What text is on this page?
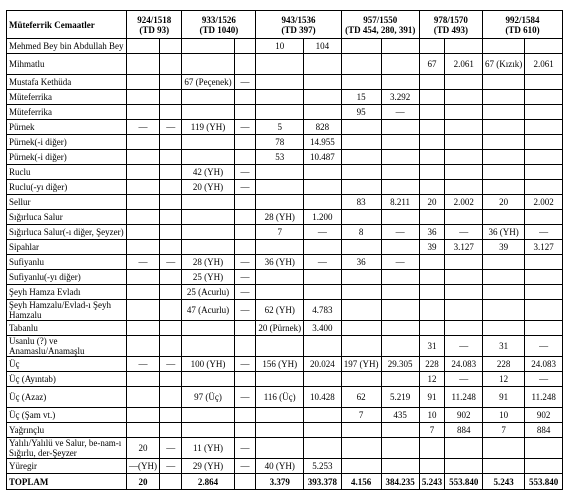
Müteferrik Cemaatler	924/1518
(TD 93)		933/1526
(TD 1040)		943/1536
(TD 397)		957/1550
(TD 454, 280, 391)		978/1570
(TD 493)		992/1584
(TD 610)	
Mehmed Bey bin Abdullah Bey					10	104						
Mihmatlu									67	2.061	67 (Kızık)	2.061
Mustafa Kethüda			67 (Peçenek)	—								
Müteferrika							15	3.292				
Müteferrika							95	—				
Pürnek	—	—	119 (YH)	—	5	828						
Pürnek(-i diğer)					78	14.955						
Pürnek(-i diğer)					53	10.487						
Ruclu			42 (YH)	—								
Ruclu(-yı diğer)			20 (YH)	—								
Sellur							83	8.211	20	2.002	20	2.002
Sığırluca Salur					28 (YH)	1.200						
Sığırluca Salur(-ı diğer, Şeyzer)					7	—	8	—	36	—	36 (YH)	—
Sipahlar									39	3.127	39	3.127
Sufiyanlu	—	—	28 (YH)	—	36 (YH)	—	36	—				
Sufiyanlu(-yı diğer)			25 (YH)	—								
Şeyh Hamza Evladı			25 (Acurlu)	—								
Şeyh Hamzalu/Evlad-ı Şeyh Hamzalu			47 (Acurlu)	—	62 (YH)	4.783						
Tabanlu					20 (Pürnek)	3.400						
Usanlu (?) ve Anamaslu/Anamaşlu									31	—	31	—
Üç	—	—	100 (YH)	—	156 (YH)	20.024	197 (YH)	29.305	228	24.083	228	24.083
Üç (Ayıntab)									12	—	12	—
Üç (Azaz)			97 (Üç)	—	116 (Üç)	10.428	62	5.219	91	11.248	91	11.248
Üç (Şam vt.)							7	435	10	902	10	902
Yağrınçlu									7	884	7	884
Yalılı/Yalılü ve Salur, be-nam-ı Sığırlu, der-Şeyzer	20	—	11 (YH)	—								
Yüregir	—(YH)	—	29 (YH)	—	40 (YH)	5.253						
TOPLAM	20		2.864		3.379	393.378	4.156	384.235	5.243	553.840	5.243	553.840
